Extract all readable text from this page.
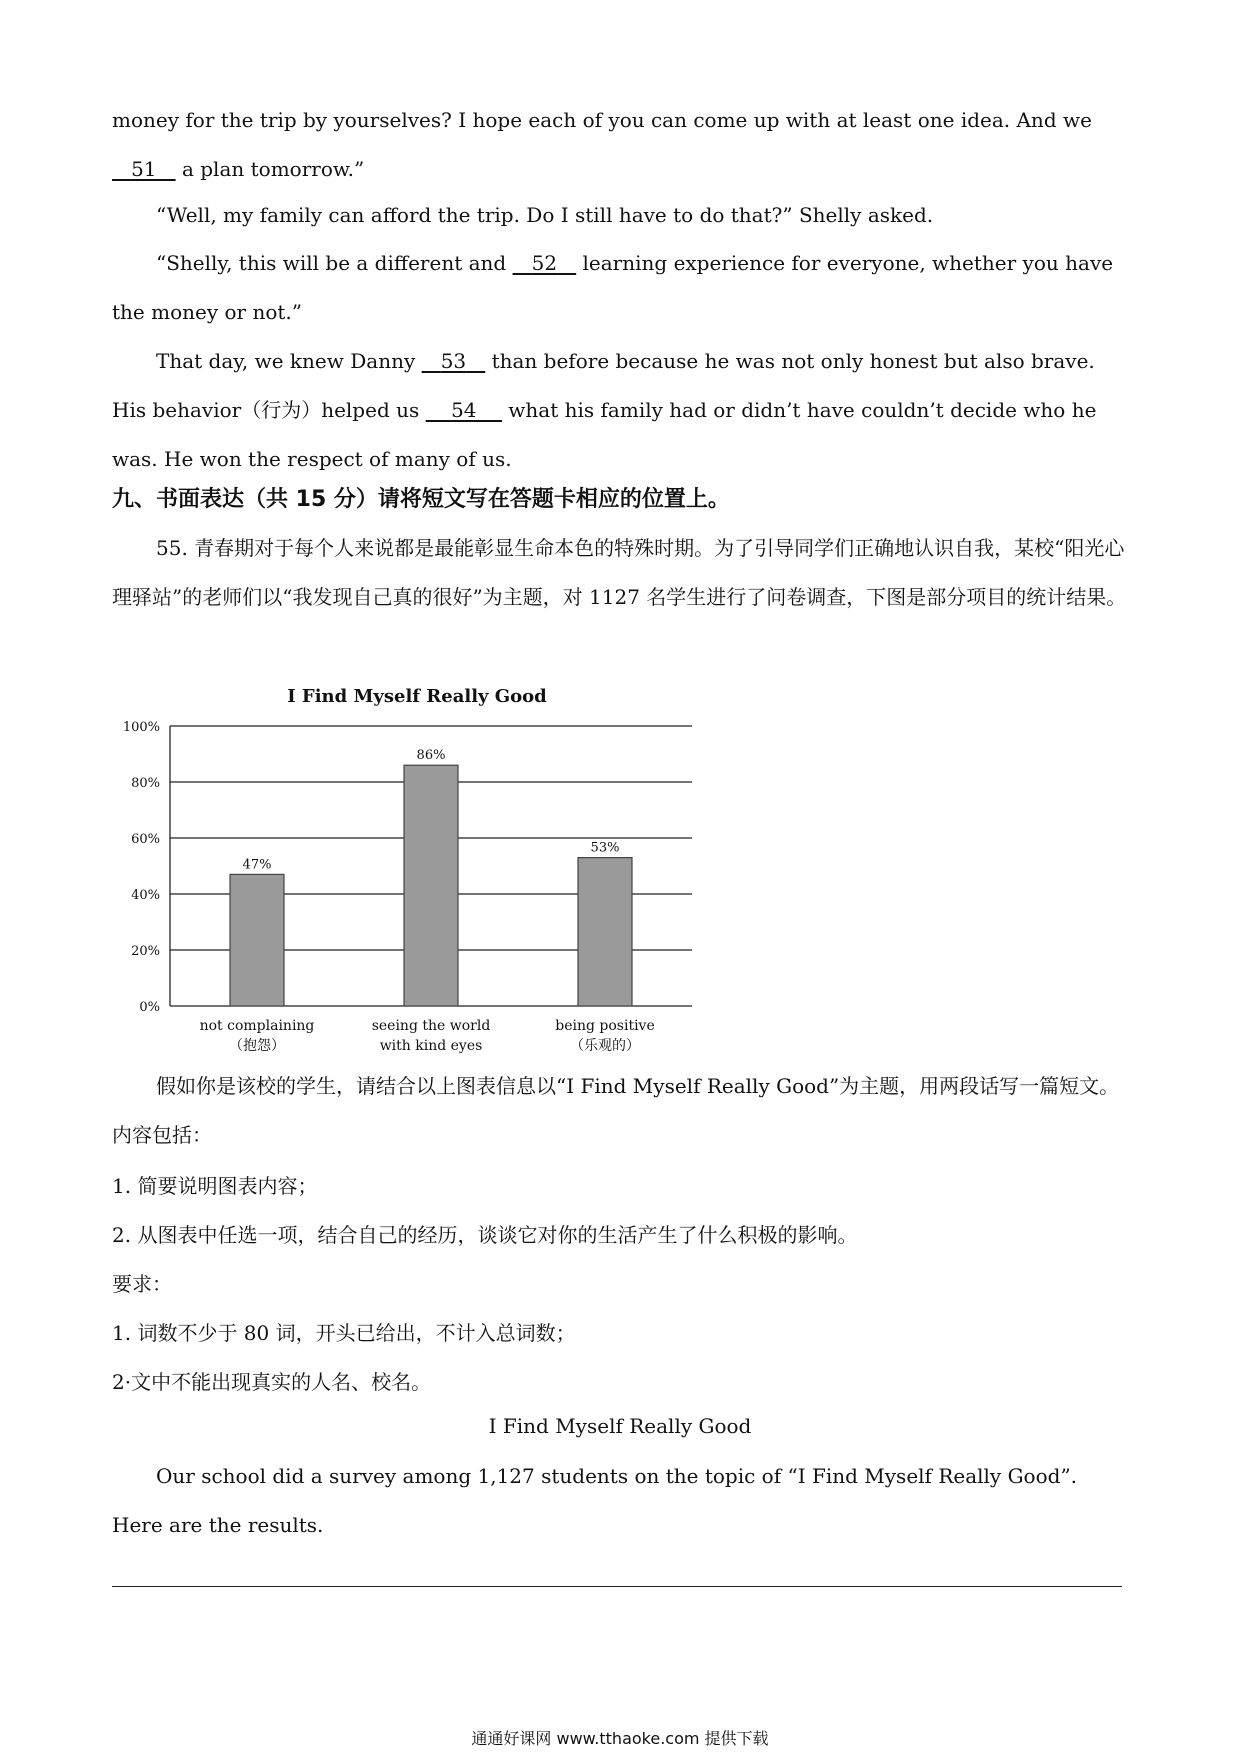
money for the trip by yourselves? I hope each of you can come up with at least one idea. And we    51    a plan tomorrow.”

“Well, my family can afford the trip. Do I still have to do that?” Shelly asked.

“Shelly, this will be a different and    52    learning experience for everyone, whether you have the money or not.”

That day, we knew Danny    53    than before because he was not only honest but also brave. His behavior（行为）helped us     54     what his family had or didn’t have couldn’t decide who he was. He won the respect of many of us.

九、书面表达（共 15 分）请将短文写在答题卡相应的位置上。

55. 青春期对于每个人来说都是最能彰显生命本色的特殊时期。为了引导同学们正确地认识自我，某校“阳光心理驿站”的老师们以“我发现自己真的很好”为主题，对 1127 名学生进行了问卷调查，下图是部分项目的统计结果。

I Find Myself Really Good
0%
20%
40%
60%
80%
100%
47%
86%
53%
not complaining
（抱怨）
seeing the world
with kind eyes
being positive
（乐观的）

假如你是该校的学生，请结合以上图表信息以“I Find Myself Really Good”为主题，用两段话写一篇短文。内容包括：

1. 简要说明图表内容；

2. 从图表中任选一项，结合自己的经历，谈谈它对你的生活产生了什么积极的影响。

要求：

1. 词数不少于 80 词，开头已给出，不计入总词数；

2·文中不能出现真实的人名、校名。

I Find Myself Really Good

Our school did a survey among 1,127 students on the topic of “I Find Myself Really Good”. Here are the results.

通通好课网 www.tthaoke.com 提供下载
